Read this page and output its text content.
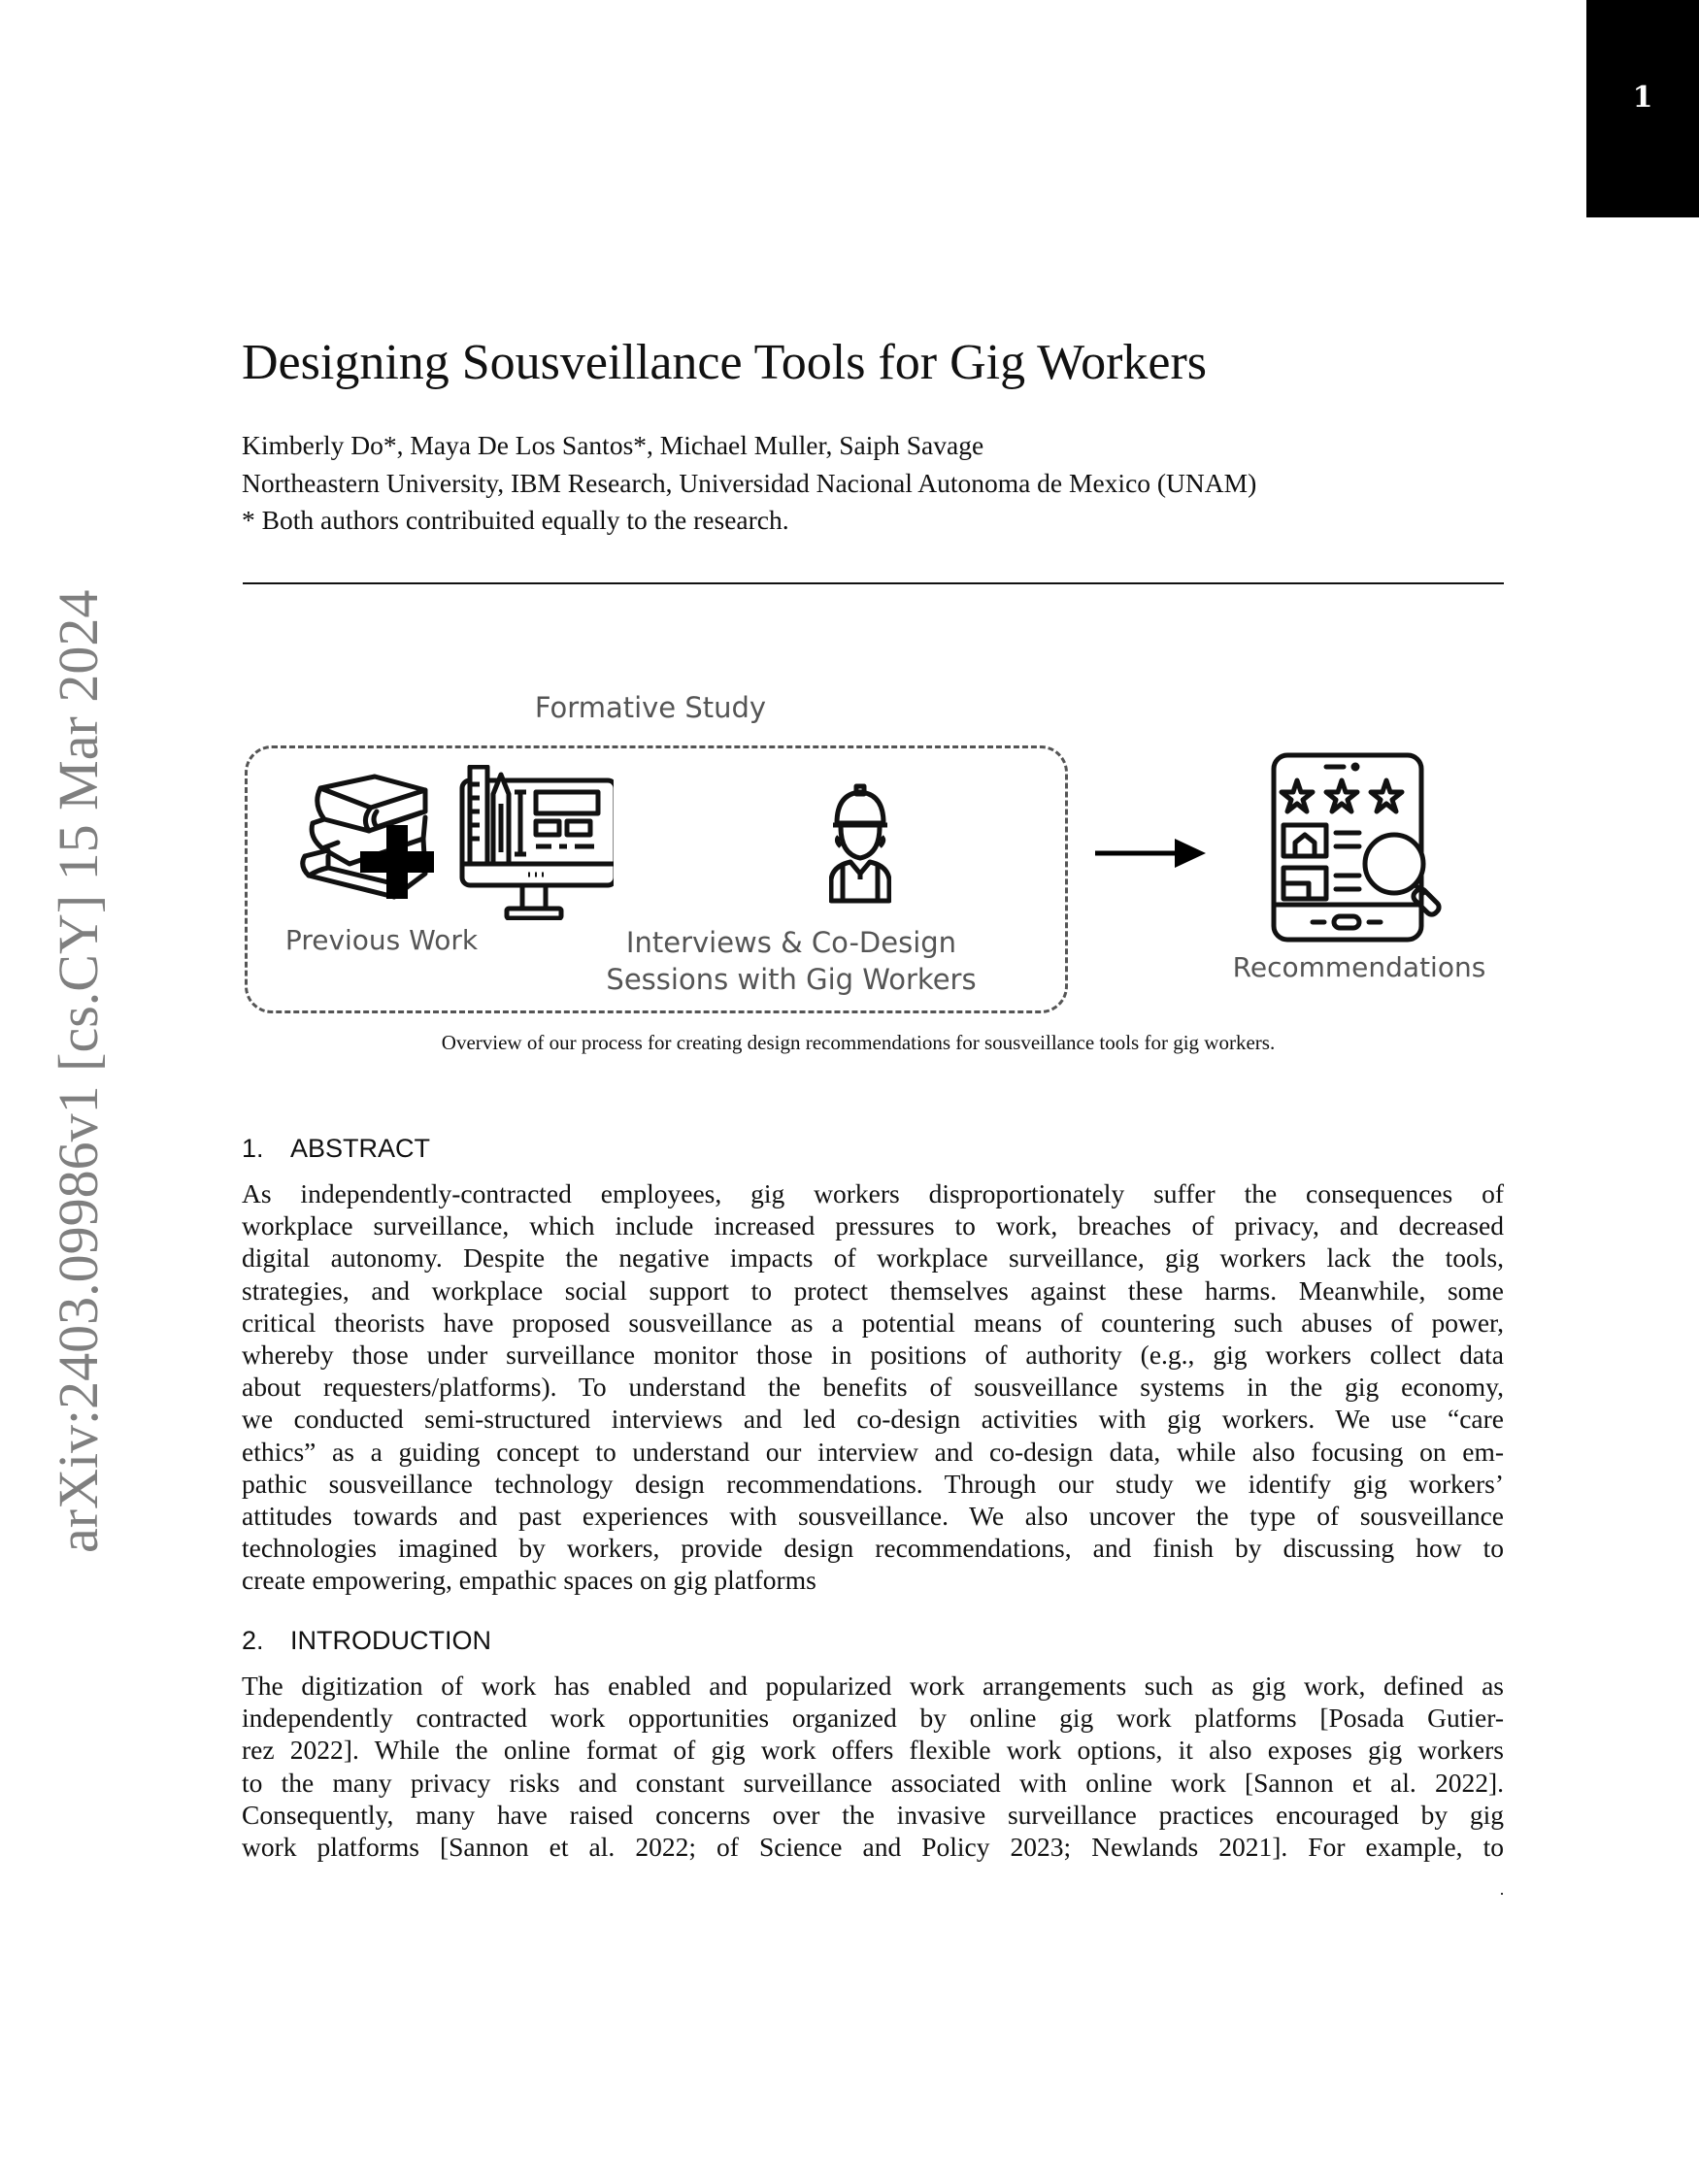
1
arXiv:2403.09986v1 [cs.CY] 15 Mar 2024
Designing Sousveillance Tools for Gig Workers
Kimberly Do*, Maya De Los Santos*, Michael Muller, Saiph Savage
Northeastern University, IBM Research, Universidad Nacional Autonoma de Mexico (UNAM)
* Both authors contribuited equally to the research.
Formative Study
Previous Work	Interviews & Co-Design
Sessions with Gig Workers	Recommendations
Overview of our process for creating design recommendations for sousveillance tools for gig workers.
1. ABSTRACT
As independently-contracted employees, gig workers disproportionately suffer the consequences of
workplace surveillance, which include increased pressures to work, breaches of privacy, and decreased
digital autonomy. Despite the negative impacts of workplace surveillance, gig workers lack the tools,
strategies, and workplace social support to protect themselves against these harms. Meanwhile, some
critical theorists have proposed sousveillance as a potential means of countering such abuses of power,
whereby those under surveillance monitor those in positions of authority (e.g., gig workers collect data
about requesters/platforms). To understand the benefits of sousveillance systems in the gig economy,
we conducted semi-structured interviews and led co-design activities with gig workers. We use “care
ethics” as a guiding concept to understand our interview and co-design data, while also focusing on em-
pathic sousveillance technology design recommendations. Through our study we identify gig workers’
attitudes towards and past experiences with sousveillance. We also uncover the type of sousveillance
technologies imagined by workers, provide design recommendations, and finish by discussing how to
create empowering, empathic spaces on gig platforms
2. INTRODUCTION
The digitization of work has enabled and popularized work arrangements such as gig work, defined as
independently contracted work opportunities organized by online gig work platforms [Posada Gutier-
rez 2022]. While the online format of gig work offers flexible work options, it also exposes gig workers
to the many privacy risks and constant surveillance associated with online work [Sannon et al. 2022].
Consequently, many have raised concerns over the invasive surveillance practices encouraged by gig
work platforms [Sannon et al. 2022; of Science and Policy 2023; Newlands 2021]. For example, to
